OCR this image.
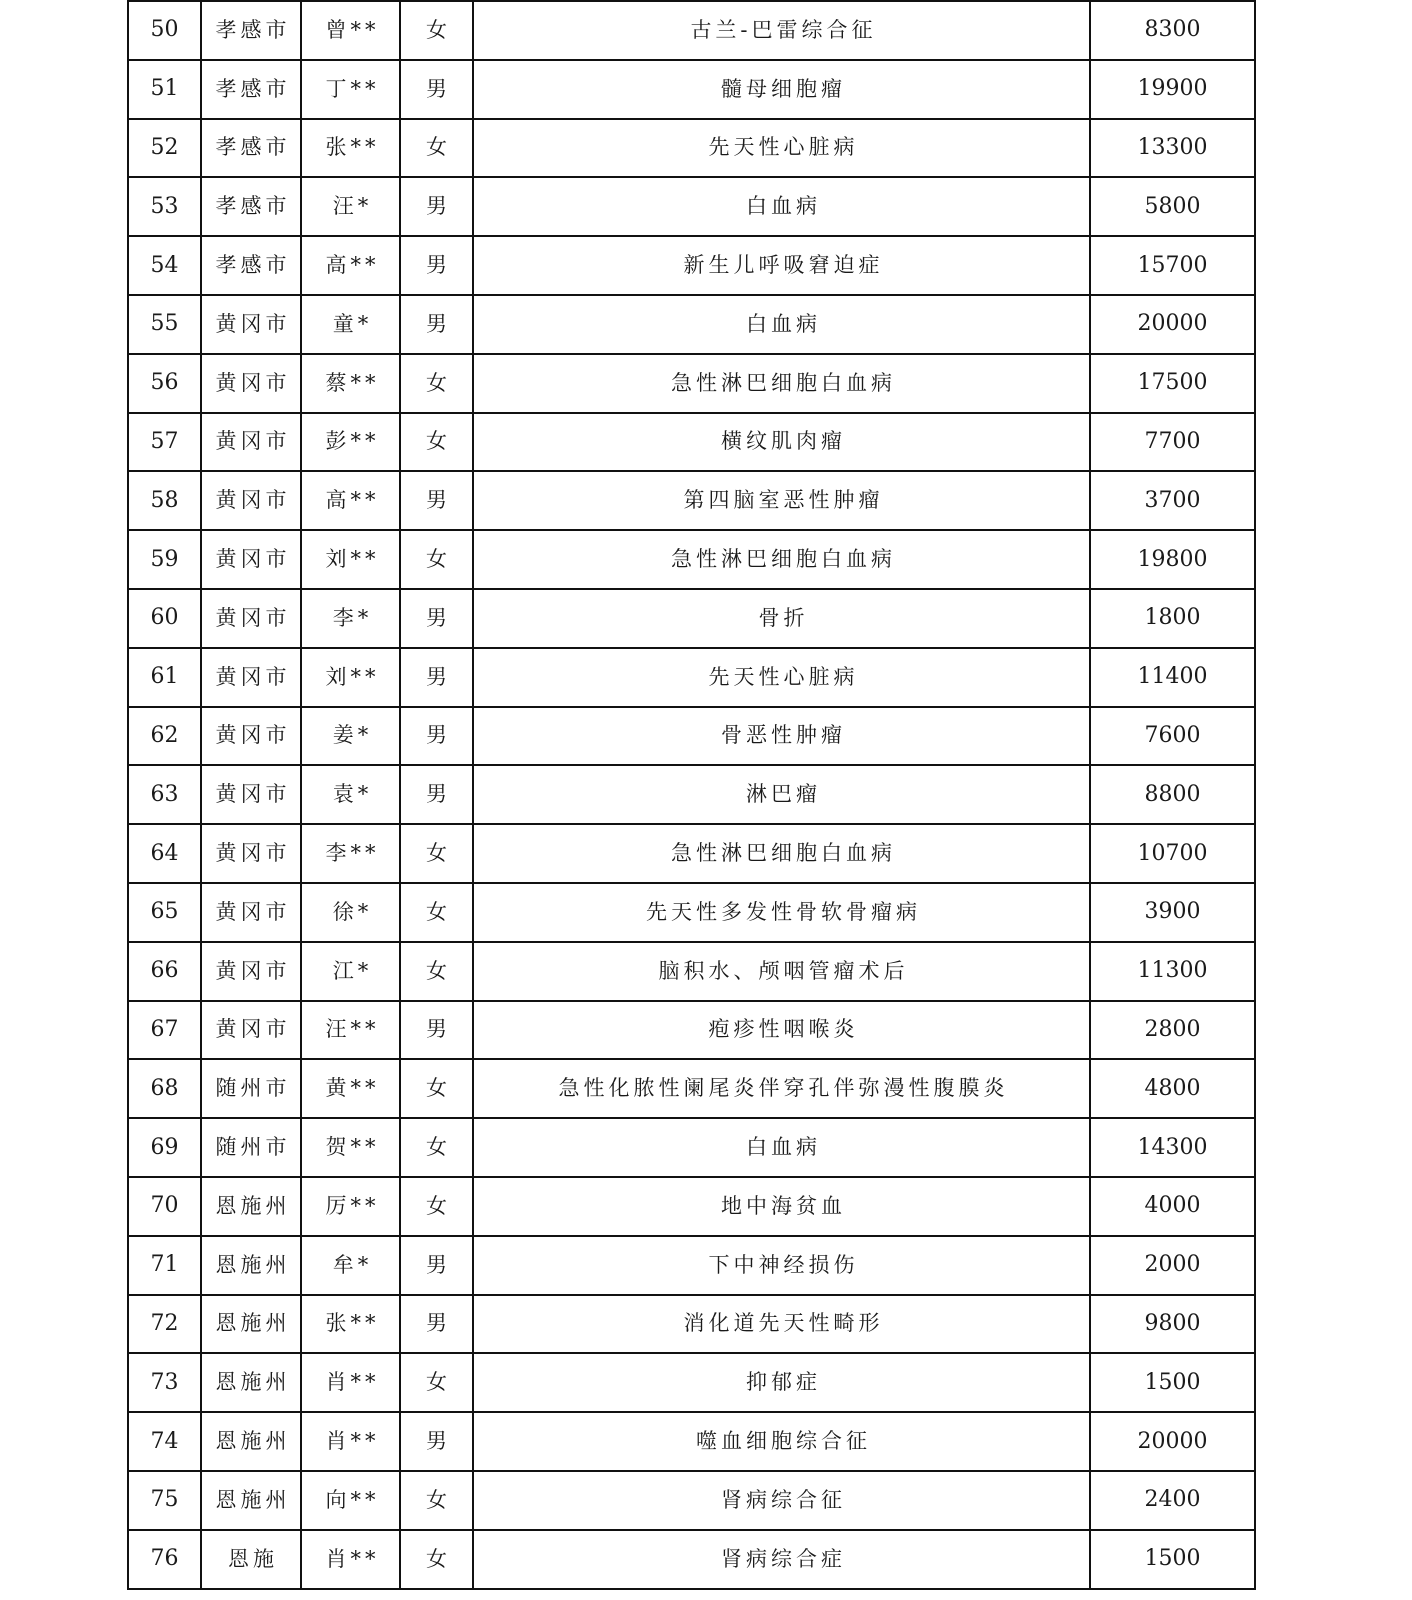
50	孝感市	曾**	女	古兰-巴雷综合征	8300
51	孝感市	丁**	男	髓母细胞瘤	19900
52	孝感市	张**	女	先天性心脏病	13300
53	孝感市	汪*	男	白血病	5800
54	孝感市	高**	男	新生儿呼吸窘迫症	15700
55	黄冈市	童*	男	白血病	20000
56	黄冈市	蔡**	女	急性淋巴细胞白血病	17500
57	黄冈市	彭**	女	横纹肌肉瘤	7700
58	黄冈市	高**	男	第四脑室恶性肿瘤	3700
59	黄冈市	刘**	女	急性淋巴细胞白血病	19800
60	黄冈市	李*	男	骨折	1800
61	黄冈市	刘**	男	先天性心脏病	11400
62	黄冈市	姜*	男	骨恶性肿瘤	7600
63	黄冈市	袁*	男	淋巴瘤	8800
64	黄冈市	李**	女	急性淋巴细胞白血病	10700
65	黄冈市	徐*	女	先天性多发性骨软骨瘤病	3900
66	黄冈市	江*	女	脑积水、颅咽管瘤术后	11300
67	黄冈市	汪**	男	疱疹性咽喉炎	2800
68	随州市	黄**	女	急性化脓性阑尾炎伴穿孔伴弥漫性腹膜炎	4800
69	随州市	贺**	女	白血病	14300
70	恩施州	厉**	女	地中海贫血	4000
71	恩施州	牟*	男	下中神经损伤	2000
72	恩施州	张**	男	消化道先天性畸形	9800
73	恩施州	肖**	女	抑郁症	1500
74	恩施州	肖**	男	噬血细胞综合征	20000
75	恩施州	向**	女	肾病综合征	2400
76	恩施	肖**	女	肾病综合症	1500
